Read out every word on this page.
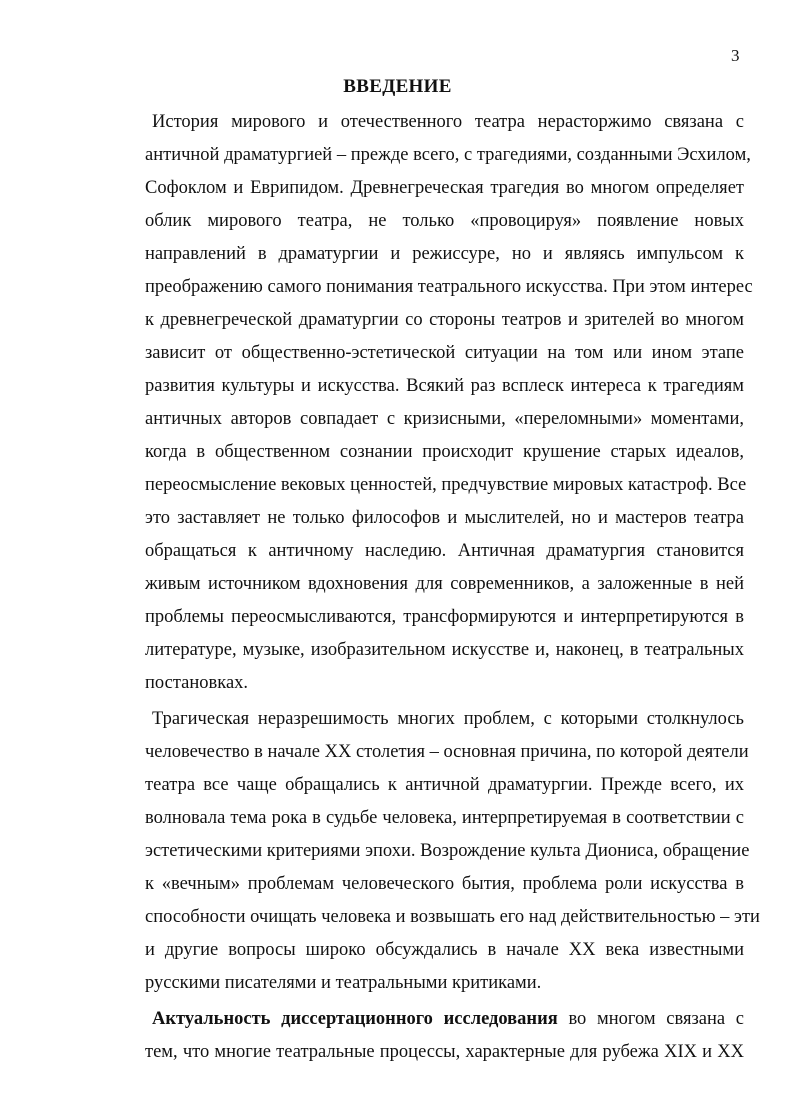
3
ВВЕДЕНИЕ
История мирового и отечественного театра нерасторжимо связана с
античной драматургией – прежде всего, с трагедиями, созданными Эсхилом,
Софоклом и Еврипидом. Древнегреческая трагедия во многом определяет
облик мирового театра, не только «провоцируя» появление новых
направлений в драматургии и режиссуре, но и являясь импульсом к
преображению самого понимания театрального искусства. При этом интерес
к древнегреческой драматургии со стороны театров и зрителей во многом
зависит от общественно-эстетической ситуации на том или ином этапе
развития культуры и искусства. Всякий раз всплеск интереса к трагедиям
античных авторов совпадает с кризисными, «переломными» моментами,
когда в общественном сознании происходит крушение старых идеалов,
переосмысление вековых ценностей, предчувствие мировых катастроф. Все
это заставляет не только философов и мыслителей, но и мастеров театра
обращаться к античному наследию. Античная драматургия становится
живым источником вдохновения для современников, а заложенные в ней
проблемы переосмысливаются, трансформируются и интерпретируются в
литературе, музыке, изобразительном искусстве и, наконец, в театральных
постановках.
Трагическая неразрешимость многих проблем, с которыми столкнулось
человечество в начале XX столетия – основная причина, по которой деятели
театра все чаще обращались к античной драматургии. Прежде всего, их
волновала тема рока в судьбе человека, интерпретируемая в соответствии с
эстетическими критериями эпохи. Возрождение культа Диониса, обращение
к «вечным» проблемам человеческого бытия, проблема роли искусства в
способности очищать человека и возвышать его над действительностью – эти
и другие вопросы широко обсуждались в начале XX века известными
русскими писателями и театральными критиками.
Актуальность диссертационного исследования во многом связана с
тем, что многие театральные процессы, характерные для рубежа XIX и XX
